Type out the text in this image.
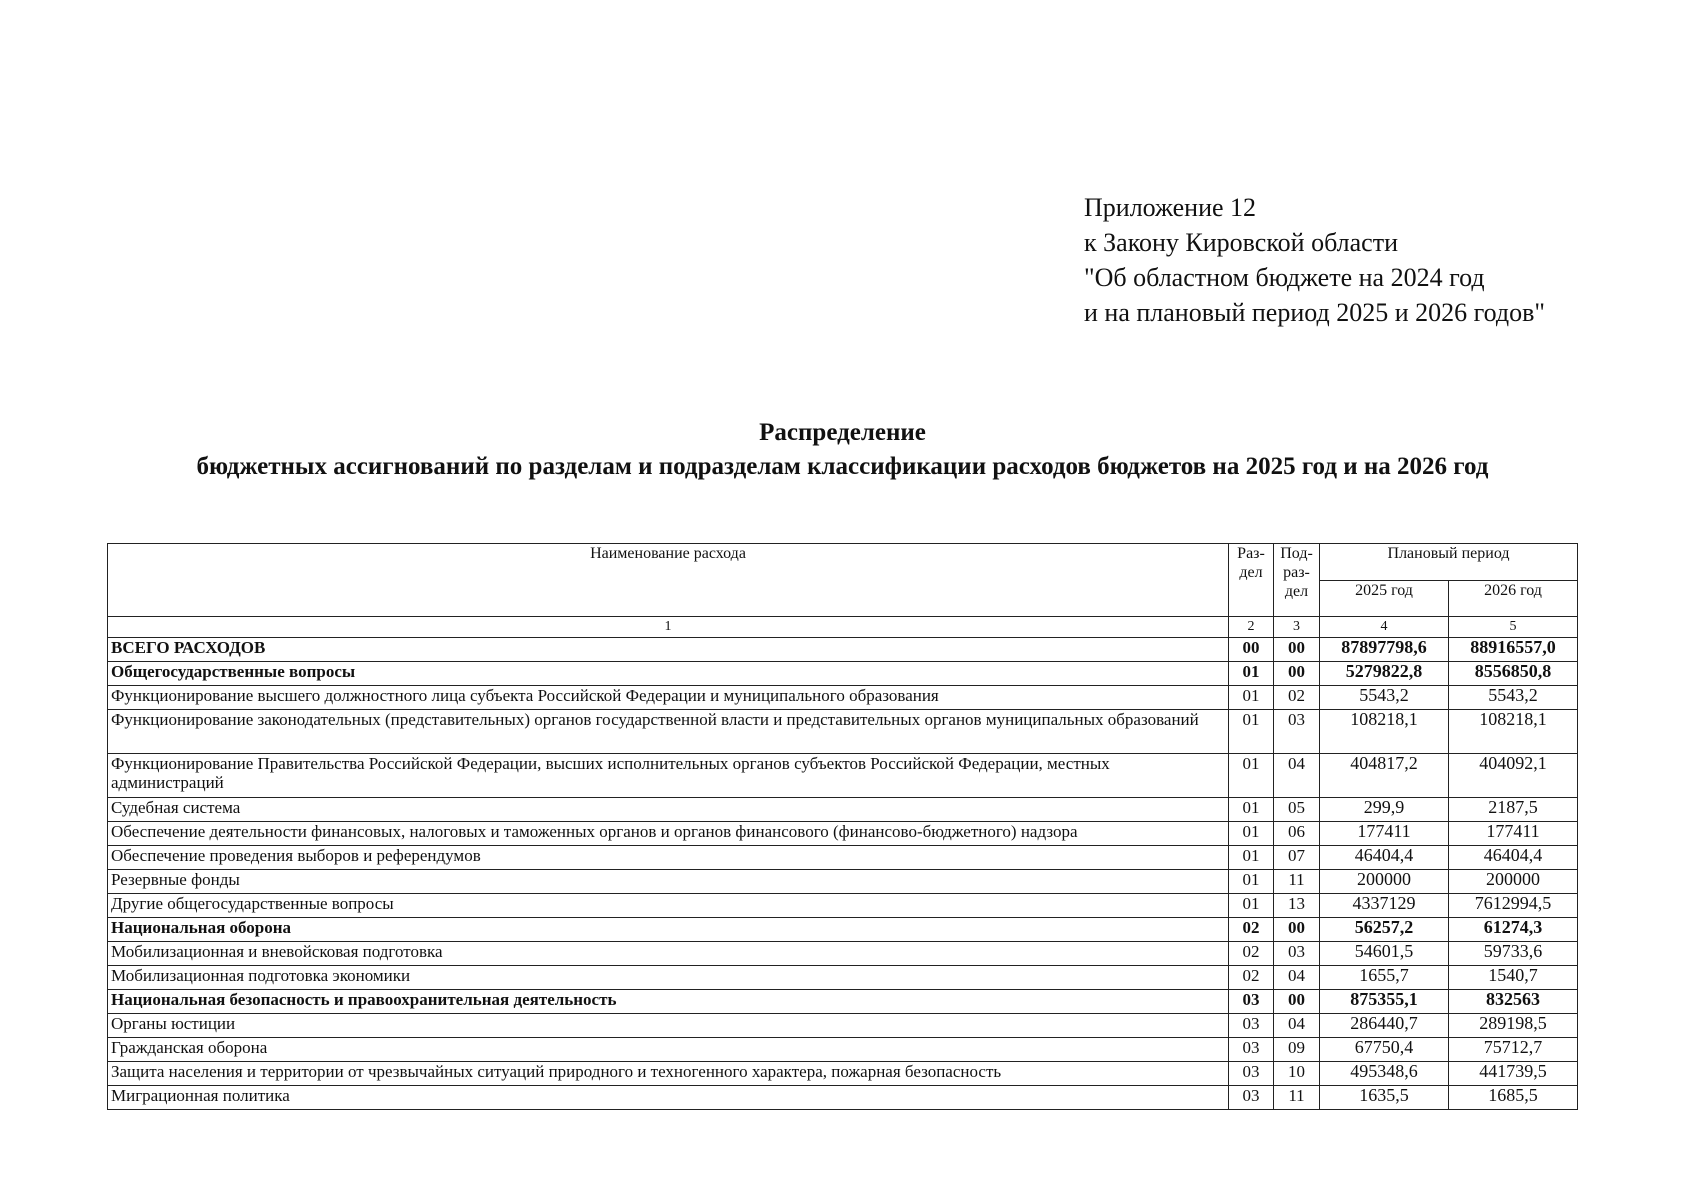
Приложение 12
к Закону Кировской области
"Об областном бюджете на 2024 год
и на плановый период 2025 и 2026 годов"
Распределение
бюджетных ассигнований по разделам и подразделам классификации расходов бюджетов на 2025 год и на 2026 год
Наименование расхода	Раз-дел	Под-раз-дел	Плановый период	
			2025 год	2026 год
1	2	3	4	5
ВСЕГО РАСХОДОВ	00	00	87897798,6	88916557,0
Общегосударственные вопросы	01	00	5279822,8	8556850,8
Функционирование высшего должностного лица субъекта Российской Федерации и муниципального образования	01	02	5543,2	5543,2
Функционирование законодательных (представительных) органов государственной власти и представительных органов муниципальных образований	01	03	108218,1	108218,1
Функционирование Правительства Российской Федерации, высших исполнительных органов субъектов Российской Федерации, местных администраций	01	04	404817,2	404092,1
Судебная система	01	05	299,9	2187,5
Обеспечение деятельности финансовых, налоговых и таможенных органов и органов финансового (финансово-бюджетного) надзора	01	06	177411	177411
Обеспечение проведения выборов и референдумов	01	07	46404,4	46404,4
Резервные фонды	01	11	200000	200000
Другие общегосударственные вопросы	01	13	4337129	7612994,5
Национальная оборона	02	00	56257,2	61274,3
Мобилизационная и вневойсковая подготовка	02	03	54601,5	59733,6
Мобилизационная подготовка экономики	02	04	1655,7	1540,7
Национальная безопасность и правоохранительная деятельность	03	00	875355,1	832563
Органы юстиции	03	04	286440,7	289198,5
Гражданская оборона	03	09	67750,4	75712,7
Защита населения и территории от чрезвычайных ситуаций природного и техногенного характера, пожарная безопасность	03	10	495348,6	441739,5
Миграционная политика	03	11	1635,5	1685,5
